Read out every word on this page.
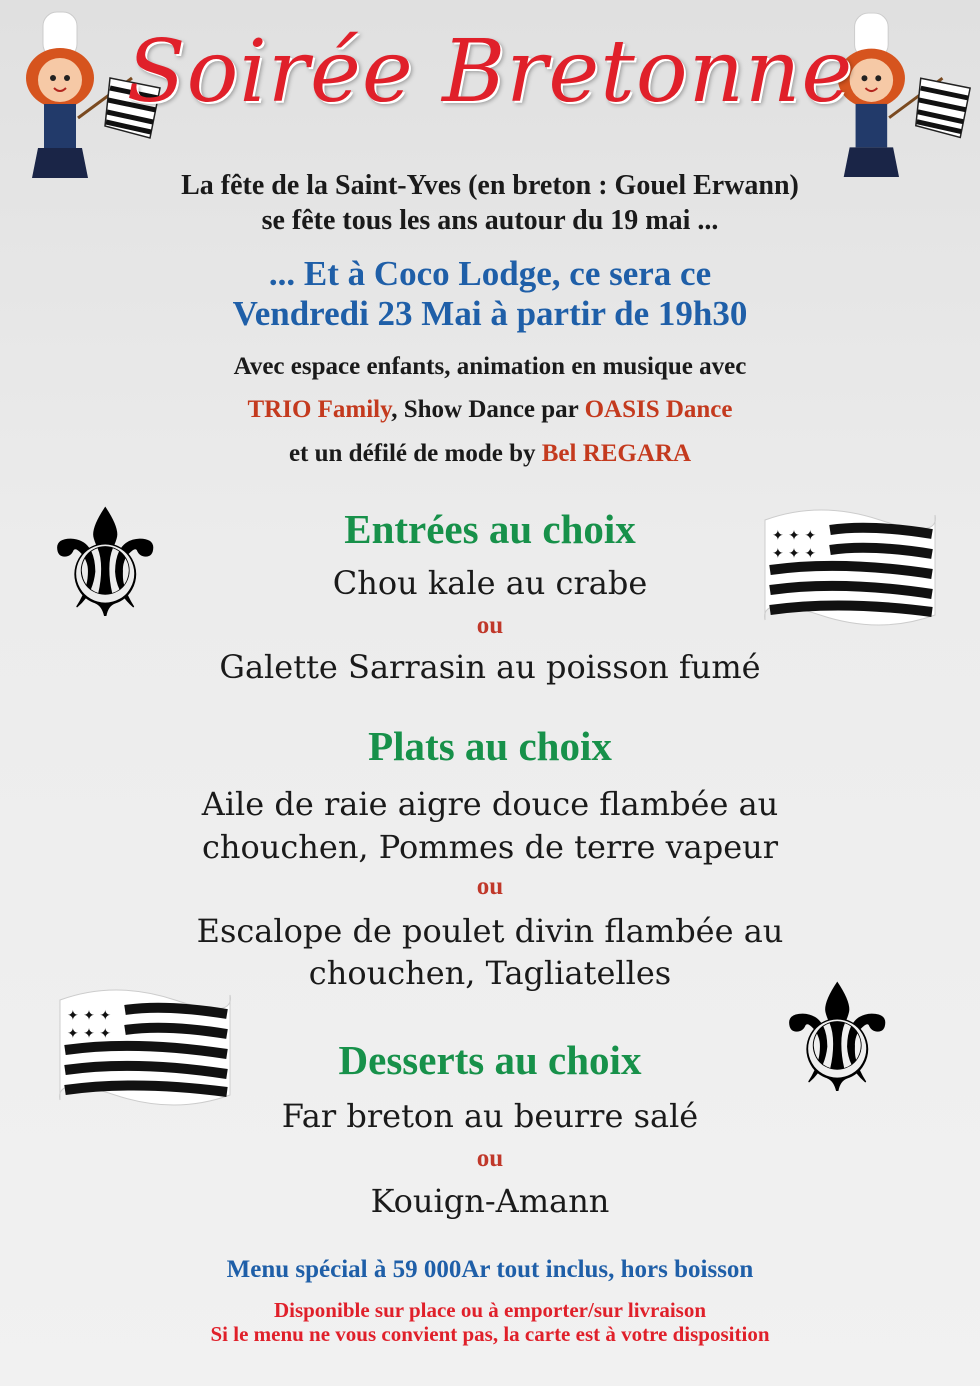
Soirée Bretonne
La fête de la Saint-Yves (en breton : Gouel Erwann)
se fête tous les ans autour du 19 mai ...
... Et à Coco Lodge, ce sera ce
Vendredi 23 Mai à partir de 19h30
Avec espace enfants, animation en musique avec
TRIO Family, Show Dance par OASIS Dance
et un défilé de mode by Bel REGARA
⚜	✦ ✦ ✦
✦ ✦ ✦
Entrées au choix
Chou kale au crabe
ou
Galette Sarrasin au poisson fumé
Plats au choix
Aile de raie aigre douce flambée au
chouchen, Pommes de terre vapeur
ou
Escalope de poulet divin flambée au
chouchen, Tagliatelles
✦ ✦ ✦
✦ ✦ ✦	⚜
Desserts au choix
Far breton au beurre salé
ou
Kouign-Amann
Menu spécial à 59 000Ar tout inclus, hors boisson
Disponible sur place ou à emporter/sur livraison
Si le menu ne vous convient pas, la carte est à votre disposition
